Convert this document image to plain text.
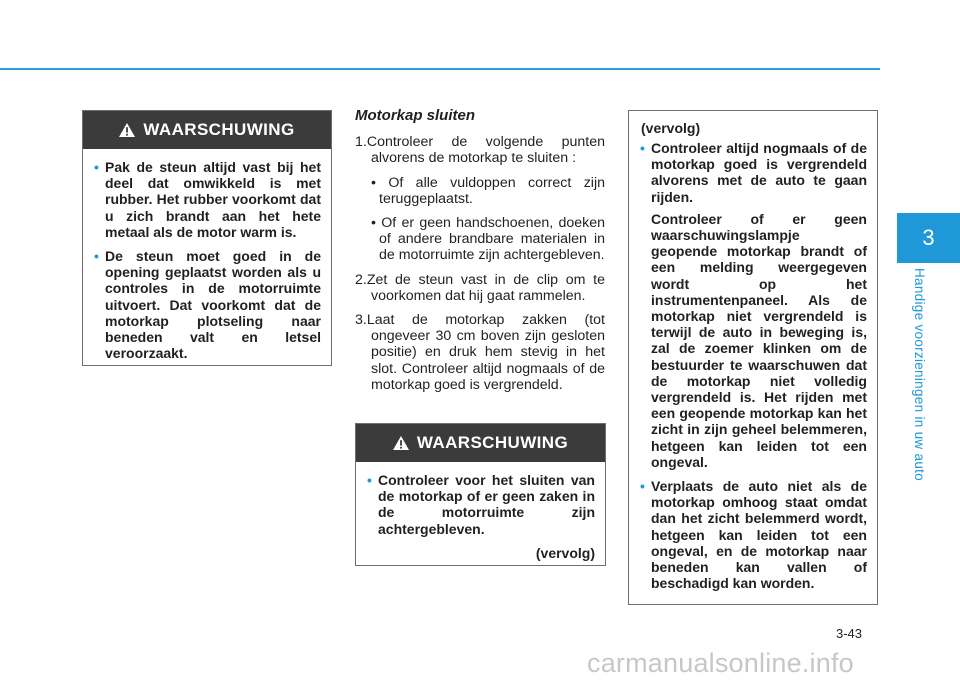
3
Handige voorzieningen in uw auto
WAARSCHUWING
• Pak de steun altijd vast bij het deel dat omwikkeld is met rubber. Het rubber voorkomt dat u zich brandt aan het hete metaal als de motor warm is.
• De steun moet goed in de opening geplaatst worden als u controles in de motorruimte uitvoert. Dat voorkomt dat de motorkap plotseling naar beneden valt en letsel veroorzaakt.
Motorkap sluiten
1.Controleer de volgende punten alvorens de motorkap te sluiten :
• Of alle vuldoppen correct zijn teruggeplaatst.
• Of er geen handschoenen, doeken of andere brandbare materialen in de motorruimte zijn achtergebleven.
2.Zet de steun vast in de clip om te voorkomen dat hij gaat rammelen.
3.Laat de motorkap zakken (tot ongeveer 30 cm boven zijn gesloten positie) en druk hem stevig in het slot. Controleer altijd nogmaals of de motorkap goed is vergrendeld.
WAARSCHUWING
• Controleer voor het sluiten van de motorkap of er geen zaken in de motorruimte zijn achtergebleven.
(vervolg)
(vervolg)
• Controleer altijd nogmaals of de motorkap goed is vergrendeld alvorens met de auto te gaan rijden.
Controleer of er geen waarschuwingslampje geopende motorkap brandt of een melding weergegeven wordt op het instrumentenpaneel. Als de motorkap niet vergrendeld is terwijl de auto in beweging is, zal de zoemer klinken om de bestuurder te waarschuwen dat de motorkap niet volledig vergrendeld is. Het rijden met een geopende motorkap kan het zicht in zijn geheel belemmeren, hetgeen kan leiden tot een ongeval.
• Verplaats de auto niet als de motorkap omhoog staat omdat dan het zicht belemmerd wordt, hetgeen kan leiden tot een ongeval, en de motorkap naar beneden kan vallen of beschadigd kan worden.
3-43
carmanualsonline.info
